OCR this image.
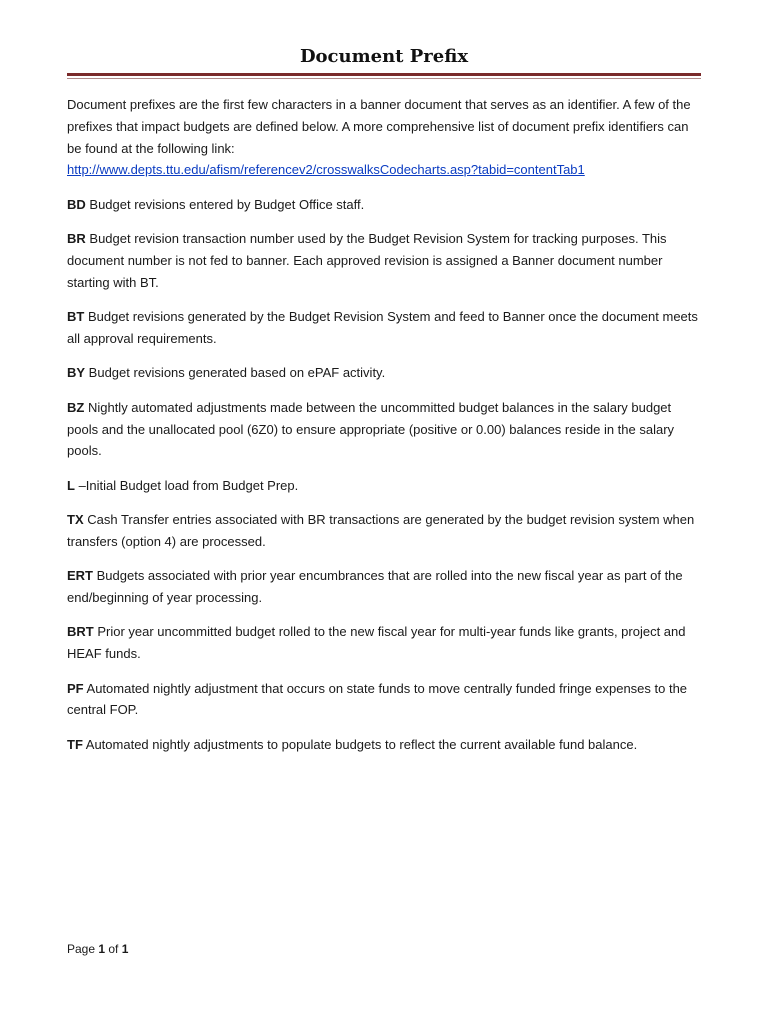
Document Prefix

Document prefixes are the first few characters in a banner document that serves as an identifier. A few of the prefixes that impact budgets are defined below. A more comprehensive list of document prefix identifiers can be found at the following link:
http://www.depts.ttu.edu/afism/referencev2/crosswalksCodecharts.asp?tabid=contentTab1

BD Budget revisions entered by Budget Office staff.

BR Budget revision transaction number used by the Budget Revision System for tracking purposes. This document number is not fed to banner. Each approved revision is assigned a Banner document number starting with BT.

BT Budget revisions generated by the Budget Revision System and feed to Banner once the document meets all approval requirements.

BY Budget revisions generated based on ePAF activity.

BZ Nightly automated adjustments made between the uncommitted budget balances in the salary budget pools and the unallocated pool (6Z0) to ensure appropriate (positive or 0.00) balances reside in the salary pools.

L –Initial Budget load from Budget Prep.

TX Cash Transfer entries associated with BR transactions are generated by the budget revision system when transfers (option 4) are processed.

ERT Budgets associated with prior year encumbrances that are rolled into the new fiscal year as part of the end/beginning of year processing.

BRT Prior year uncommitted budget rolled to the new fiscal year for multi-year funds like grants, project and HEAF funds.

PF Automated nightly adjustment that occurs on state funds to move centrally funded fringe expenses to the central FOP.

TF Automated nightly adjustments to populate budgets to reflect the current available fund balance.

Page 1 of 1
